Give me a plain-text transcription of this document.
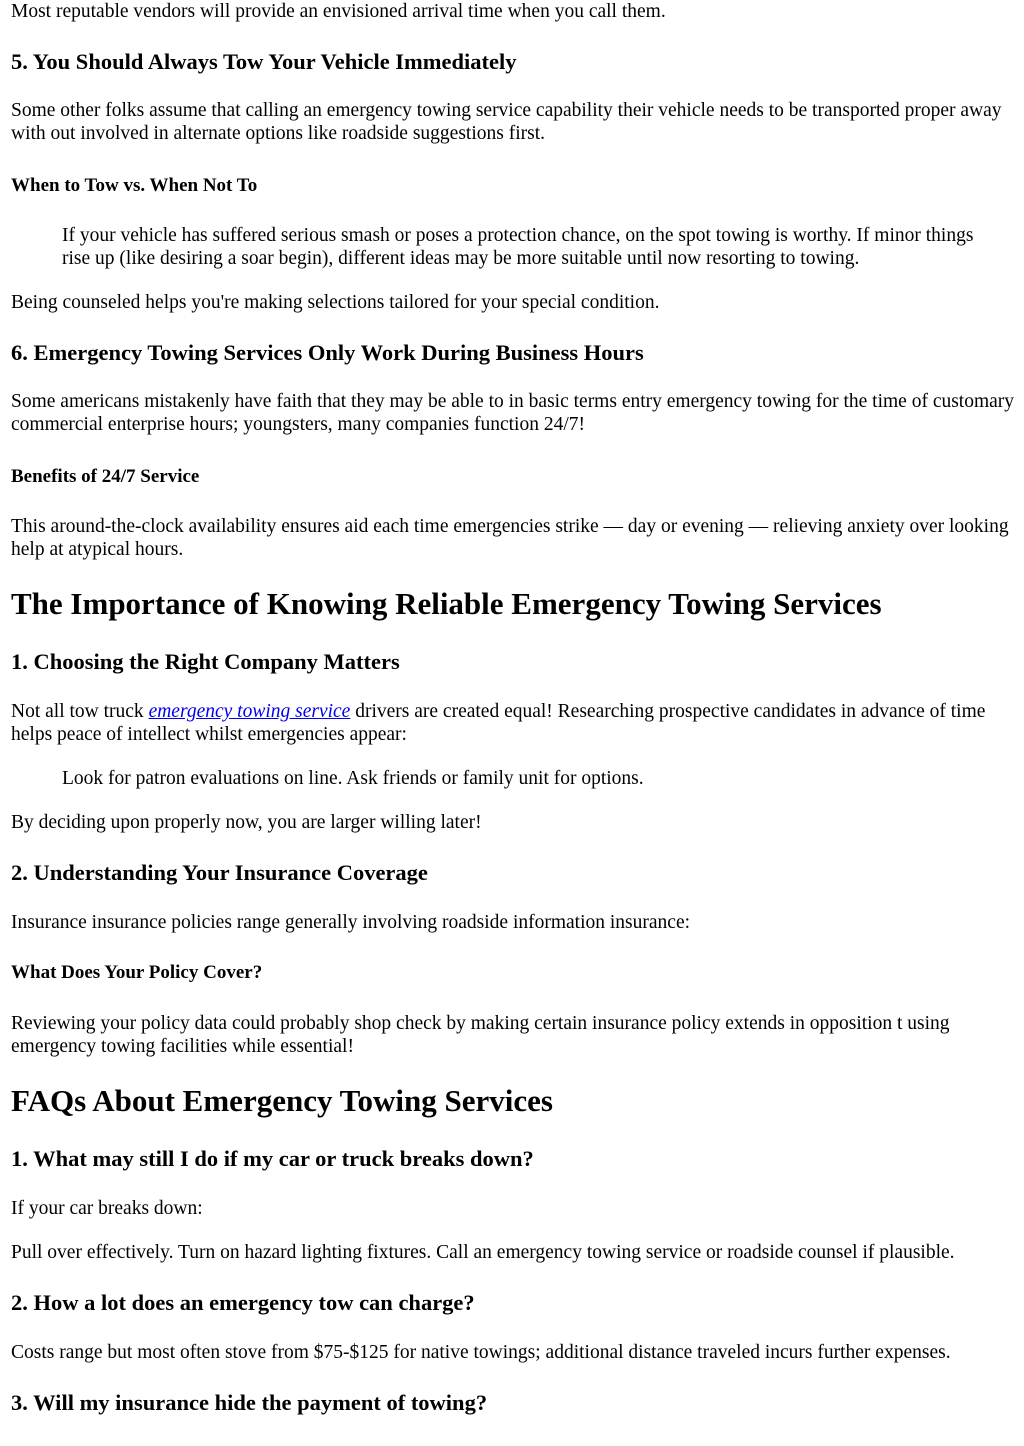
Most reputable vendors will provide an envisioned arrival time when you call them.

5. You Should Always Tow Your Vehicle Immediately

Some other folks assume that calling an emergency towing service capability their vehicle needs to be transported proper away with out involved in alternate options like roadside suggestions first.

When to Tow vs. When Not To

If your vehicle has suffered serious smash or poses a protection chance, on the spot towing is worthy. If minor things rise up (like desiring a soar begin), different ideas may be more suitable until now resorting to towing.

Being counseled helps you're making selections tailored for your special condition.

6. Emergency Towing Services Only Work During Business Hours

Some americans mistakenly have faith that they may be able to in basic terms entry emergency towing for the time of customary commercial enterprise hours; youngsters, many companies function 24/7!

Benefits of 24/7 Service

This around-the-clock availability ensures aid each time emergencies strike — day or evening — relieving anxiety over looking help at atypical hours.

The Importance of Knowing Reliable Emergency Towing Services
1. Choosing the Right Company Matters

Not all tow truck emergency towing service drivers are created equal! Researching prospective candidates in advance of time helps peace of intellect whilst emergencies appear:

Look for patron evaluations on line. Ask friends or family unit for options.

By deciding upon properly now, you are larger willing later!

2. Understanding Your Insurance Coverage

Insurance insurance policies range generally involving roadside information insurance:

What Does Your Policy Cover?

Reviewing your policy data could probably shop check by making certain insurance policy extends in opposition t using emergency towing facilities while essential!

FAQs About Emergency Towing Services
1. What may still I do if my car or truck breaks down?

If your car breaks down:

Pull over effectively. Turn on hazard lighting fixtures. Call an emergency towing service or roadside counsel if plausible.

2. How a lot does an emergency tow can charge?

Costs range but most often stove from $75-$125 for native towings; additional distance traveled incurs further expenses.

3. Will my insurance hide the payment of towing?
